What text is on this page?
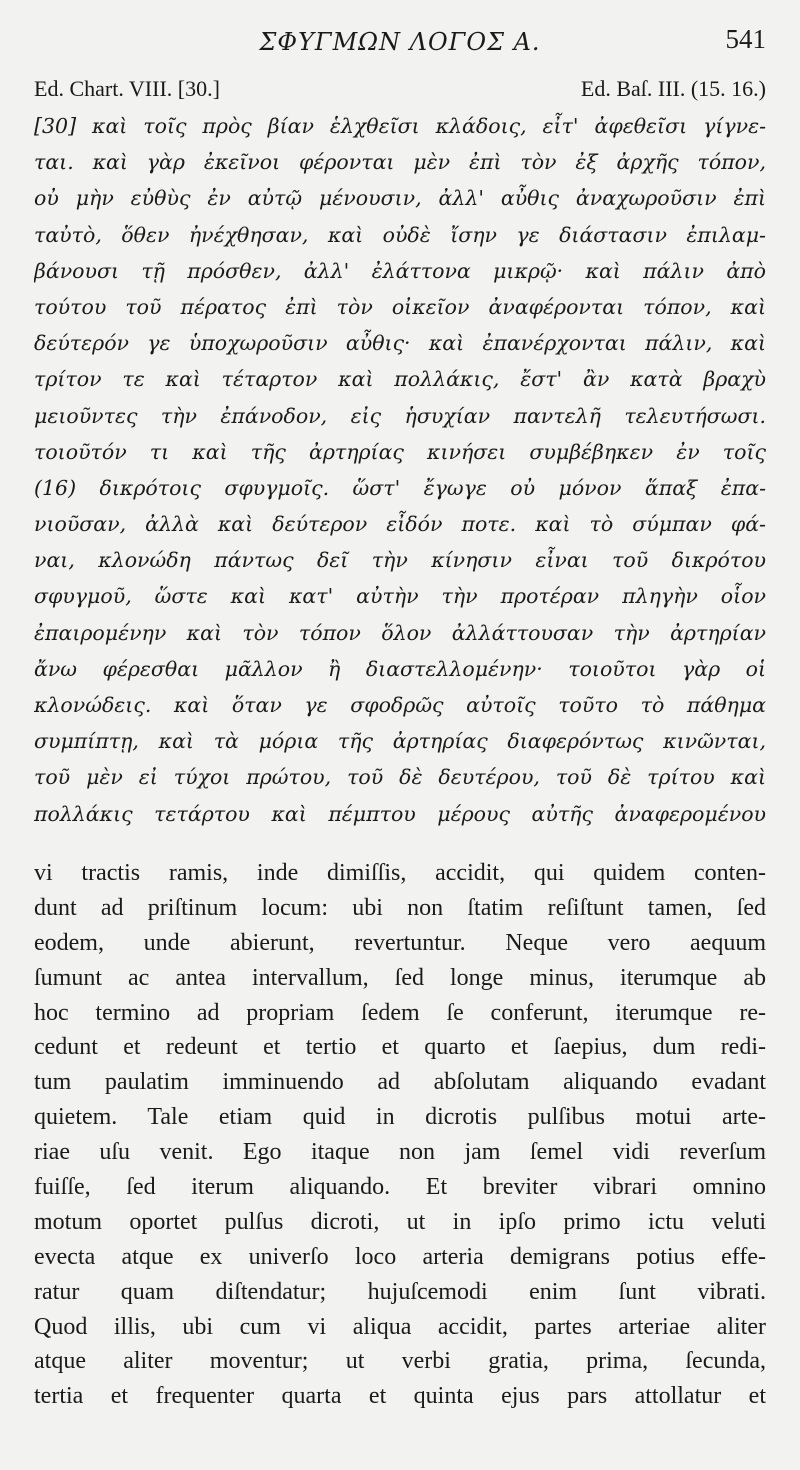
ΣΦΥΓΜΩΝ ΛΟΓΟΣ Α.	541
Ed. Chart. VIII. [30.]	Ed. Baſ. III. (15. 16.)
[30] καὶ τοῖς πρὸς βίαν ἑλχθεῖσι κλάδοις, εἶτ' ἀφεθεῖσι γίγνε-
ται. καὶ γὰρ ἐκεῖνοι φέρονται μὲν ἐπὶ τὸν ἐξ ἀρχῆς τόπον,
οὐ μὴν εὐθὺς ἐν αὐτῷ μένουσιν, ἀλλ' αὖθις ἀναχωροῦσιν ἐπὶ
ταὐτὸ, ὅθεν ἠνέχθησαν, καὶ οὐδὲ ἴσην γε διάστασιν ἐπιλαμ-
βάνουσι τῇ πρόσθεν, ἀλλ' ἐλάττονα μικρῷ· καὶ πάλιν ἀπὸ
τούτου τοῦ πέρατος ἐπὶ τὸν οἰκεῖον ἀναφέρονται τόπον, καὶ
δεύτερόν γε ὑποχωροῦσιν αὖθις· καὶ ἐπανέρχονται πάλιν, καὶ
τρίτον τε καὶ τέταρτον καὶ πολλάκις, ἔστ' ἂν κατὰ βραχὺ
μειοῦντες τὴν ἐπάνοδον, εἰς ἡσυχίαν παντελῆ τελευτήσωσι.
τοιοῦτόν τι καὶ τῆς ἀρτηρίας κινήσει συμβέβηκεν ἐν τοῖς
(16) δικρότοις σφυγμοῖς. ὥστ' ἔγωγε οὐ μόνον ἅπαξ ἐπα-
νιοῦσαν, ἀλλὰ καὶ δεύτερον εἶδόν ποτε. καὶ τὸ σύμπαν φά-
ναι, κλονώδη πάντως δεῖ τὴν κίνησιν εἶναι τοῦ δικρότου
σφυγμοῦ, ὥστε καὶ κατ' αὐτὴν τὴν προτέραν πληγὴν οἷον
ἐπαιρομένην καὶ τὸν τόπον ὅλον ἀλλάττουσαν τὴν ἀρτηρίαν
ἄνω φέρεσθαι μᾶλλον ἢ διαστελλομένην· τοιοῦτοι γὰρ οἱ
κλονώδεις. καὶ ὅταν γε σφοδρῶς αὐτοῖς τοῦτο τὸ πάθημα
συμπίπτῃ, καὶ τὰ μόρια τῆς ἀρτηρίας διαφερόντως κινῶνται,
τοῦ μὲν εἰ τύχοι πρώτου, τοῦ δὲ δευτέρου, τοῦ δὲ τρίτου καὶ
πολλάκις τετάρτου καὶ πέμπτου μέρους αὐτῆς ἀναφερομένου
vi tractis ramis, inde dimiſſis, accidit, qui quidem conten-
dunt ad priſtinum locum: ubi non ſtatim reſiſtunt tamen, ſed
eodem, unde abierunt, revertuntur. Neque vero aequum
ſumunt ac antea intervallum, ſed longe minus, iterumque ab
hoc termino ad propriam ſedem ſe conferunt, iterumque re-
cedunt et redeunt et tertio et quarto et ſaepius, dum redi-
tum paulatim imminuendo ad abſolutam aliquando evadant
quietem. Tale etiam quid in dicrotis pulſibus motui arte-
riae uſu venit. Ego itaque non jam ſemel vidi reverſum
fuiſſe, ſed iterum aliquando. Et breviter vibrari omnino
motum oportet pulſus dicroti, ut in ipſo primo ictu veluti
evecta atque ex univerſo loco arteria demigrans potius effe-
ratur quam diſtendatur; hujuſcemodi enim ſunt vibrati.
Quod illis, ubi cum vi aliqua accidit, partes arteriae aliter
atque aliter moventur; ut verbi gratia, prima, ſecunda,
tertia et frequenter quarta et quinta ejus pars attollatur et
